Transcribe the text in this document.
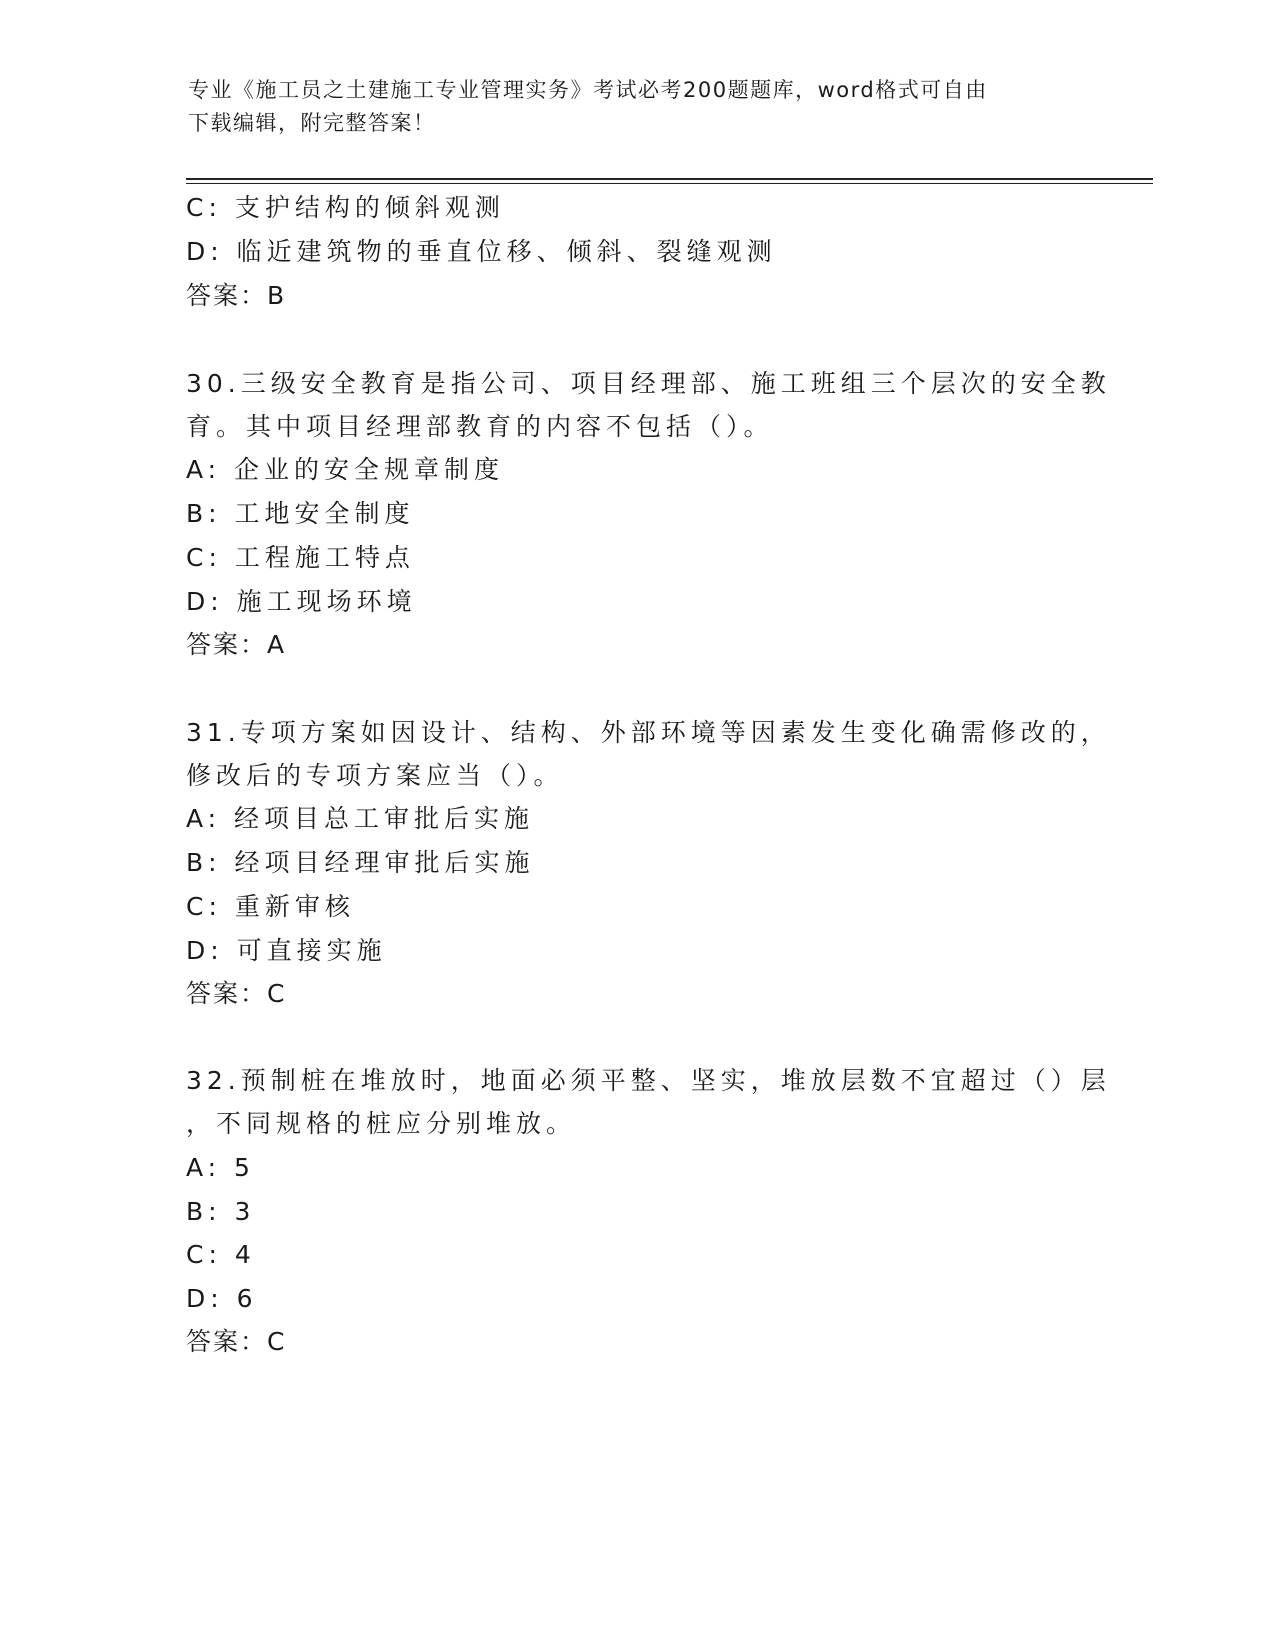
专业《施工员之土建施工专业管理实务》考试必考200题题库，word格式可自由
下载编辑，附完整答案！
C: 支护结构的倾斜观测
D: 临近建筑物的垂直位移、倾斜、裂缝观测
答案：B
30.三级安全教育是指公司、项目经理部、施工班组三个层次的安全教
育。其中项目经理部教育的内容不包括（）。
A: 企业的安全规章制度
B: 工地安全制度
C: 工程施工特点
D: 施工现场环境
答案：A
31.专项方案如因设计、结构、外部环境等因素发生变化确需修改的，
修改后的专项方案应当（）。
A: 经项目总工审批后实施
B: 经项目经理审批后实施
C: 重新审核
D: 可直接实施
答案：C
32.预制桩在堆放时，地面必须平整、坚实，堆放层数不宜超过（）层
，不同规格的桩应分别堆放。
A: 5
B: 3
C: 4
D: 6
答案：C
